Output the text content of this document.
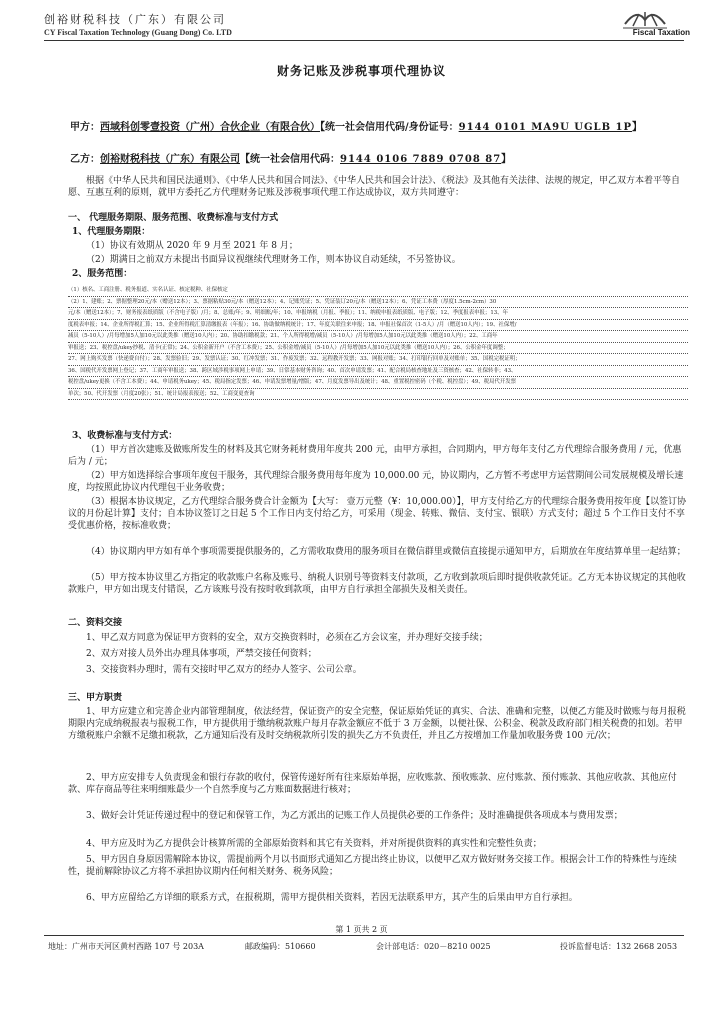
创裕财税科技（广东）有限公司
CY Fiscal Taxation Technology (Guang Dong) Co. LTD	Fiscal Taxation
财务记账及涉税事项代理协议
甲方：西域科创零壹投资（广州）合伙企业（有限合伙）【统一社会信用代码/身份证号：9144 0101 MA9U UGLB 1P】
乙方：创裕财税科技（广东）有限公司【统一社会信用代码：9144 0106 7889 0708 87】

根据《中华人民共和国民法通则》、《中华人民共和国合同法》、《中华人民共和国会计法》、《税法》及其他有关法律、法规的规定，甲乙双方本着平等自愿、互惠互利的原则，就甲方委托乙方代理财务记账及涉税事项代理工作达成协议，双方共同遵守：

一、 代理服务期限、服务范围、收费标准与支付方式

1、代理服务期限：

（1）协议有效期从 2020 年 9 月至 2021 年 8 月；

（2）期满日之前双方未提出书面异议视继续代理财务工作，则本协议自动延续，不另签协议。

2、服务范围：

（1）核名、工商注册、税务报道、实名认证、核定税种、社保核定
（2）1、建账；2、票据整理20元/本（赠送12本）；3、票据粘贴30元/本（赠送12本）；4、记账凭证；5、凭证装订20元/本（赠送12本）；6、凭证工本费（厚度1.5cm-2cm）30
元/本（赠送12本）；7、财务报表纸质版（不含电子版）/月；8、总账/年；9、明细账/年；10、申报纳税（月报、季报）；11、纳税申报表纸质版、电子版；12、季度报表申报；13、年
度税表申报；14、企业所得税汇算；15、企业所得税汇算清缴报表（年报）；16、协助做纳税统计；17、年度关联往来申报；18、申报社保首次（1-5人）/月（赠送10人内）；19、社保增/
减员（5-10人）/月每增加5人加10元以此类推（赠送10人内）；20、协助扣缴税款；21、个人所得税增/减员（5-10人）/月每增加5人加10元以此类推（赠送10人内）；22、工商年
审报送；23、税控盘/ukey抄税、清卡(正常)；24、公积金新开户（不含工本费）；25、公积金增/减员（5-10人）/月每增加5人加10元以此类推（赠送10人内）；26、公积金年度调整；
27、网上购买发票（快递费自付）；28、发票验旧；29、发票认证；30、红冲发票；31、作废发票；32、远程教开发票；33、网报对账；34、打印银行回单及对账单；35、国税完税证明；
36、国税代开发票网上登记；37、工商年审报送；38、跨区域涉税事项网上申请；39、日常基本财务咨询；40、首次申请发票；41、配合税局核查地址及三资核查；42、社保转非；43、
税控盘/ukey更换（不含工本费）；44、申请税务ukey；45、税局指定发票；46、申请发票增量/增版；47、月度发票导出及统计；48、重置税控密码（个税、税控盘）；49、税局代开发票
单次；50、代开发票（月度20张）；51、统计局报表报送；52、工商变更查询

3、收费标准与支付方式：

（1）甲方首次建账及做账所发生的材料及其它财务耗材费用年度共 200 元，由甲方承担，合同期内，甲方每年支付乙方代理综合服务费用 / 元，优惠后为 / 元；

（2）甲方如选择综合事项年度包干服务，其代理综合服务费用每年度为 10,000.00 元，协议期内，乙方暂不考虑甲方运营期间公司发展规模及增长速度，均按照此协议内代理包干业务收费；

（3）根据本协议规定，乙方代理综合服务费合计金额为【大写： 壹万元整（¥：10,000.00）】，甲方支付给乙方的代理综合服务费用按年度【以签订协议的月份起计算】支付；自本协议签订之日起 5 个工作日内支付给乙方，可采用（现金、转账、微信、支付宝、银联）方式支付；超过 5 个工作日支付不享受优惠价格，按标准收费；

（4）协议期内甲方如有单个事项需要提供服务的，乙方需收取费用的服务项目在微信群里或微信直接提示通知甲方，后期放在年度结算单里一起结算；

（5）甲方按本协议里乙方指定的收款账户名称及账号、纳税人识别号等资料支付款项，乙方收到款项后即时提供收款凭证。乙方无本协议规定的其他收款账户，甲方如出现支付错误，乙方该账号没有按时收到款项，由甲方自行承担全部损失及相关责任。

二、资料交接

1、甲乙双方同意为保证甲方资料的安全，双方交换资料时，必须在乙方会议室，并办理好交接手续；

2、双方对接人员外出办理具体事项，严禁交接任何资料；

3、交接资料办理时，需有交接时甲乙双方的经办人签字、公司公章。

三、甲方职责

1、甲方应建立和完善企业内部管理制度，依法经营，保证资产的安全完整，保证原始凭证的真实、合法、准确和完整，以便乙方能及时做账与每月报税期限内完成纳税报表与报税工作，甲方提供用于缴纳税款账户每月存款金额应不低于 3 万金额，以便社保、公积金、税款及政府部门相关税费的扣划。若甲方缴税账户余额不足缴扣税款，乙方通知后没有及时交纳税款所引发的损失乙方不负责任，并且乙方按增加工作量加收服务费 100 元/次；

2、甲方应安排专人负责现金和银行存款的收付，保管传递好所有往来原始单据，应收账款、预收账款、应付账款、预付账款、其他应收款、其他应付款、库存商品等往来明细账最少一个自然季度与乙方账面数据进行核对；

3、做好会计凭证传递过程中的登记和保管工作，为乙方派出的记账工作人员提供必要的工作条件；及时准确提供各项成本与费用发票；

4、甲方应及时为乙方提供会计核算所需的全部原始资料和其它有关资料，并对所提供资料的真实性和完整性负责；

5、甲方因自身原因需解除本协议，需提前两个月以书面形式通知乙方提出终止协议，以便甲乙双方做好财务交接工作。根据会计工作的特殊性与连续性，提前解除协议乙方将不承担协议期内任何相关财务、税务风险；

6、甲方应留给乙方详细的联系方式，在报税期，需甲方提供相关资料，若因无法联系甲方，其产生的后果由甲方自行承担。

第 1 页共 2 页
地址：广州市天河区黄村西路 107 号 203A	邮政编码：510660	会计部电话：020－8210 0025	投诉监督电话：132 2668 2053
